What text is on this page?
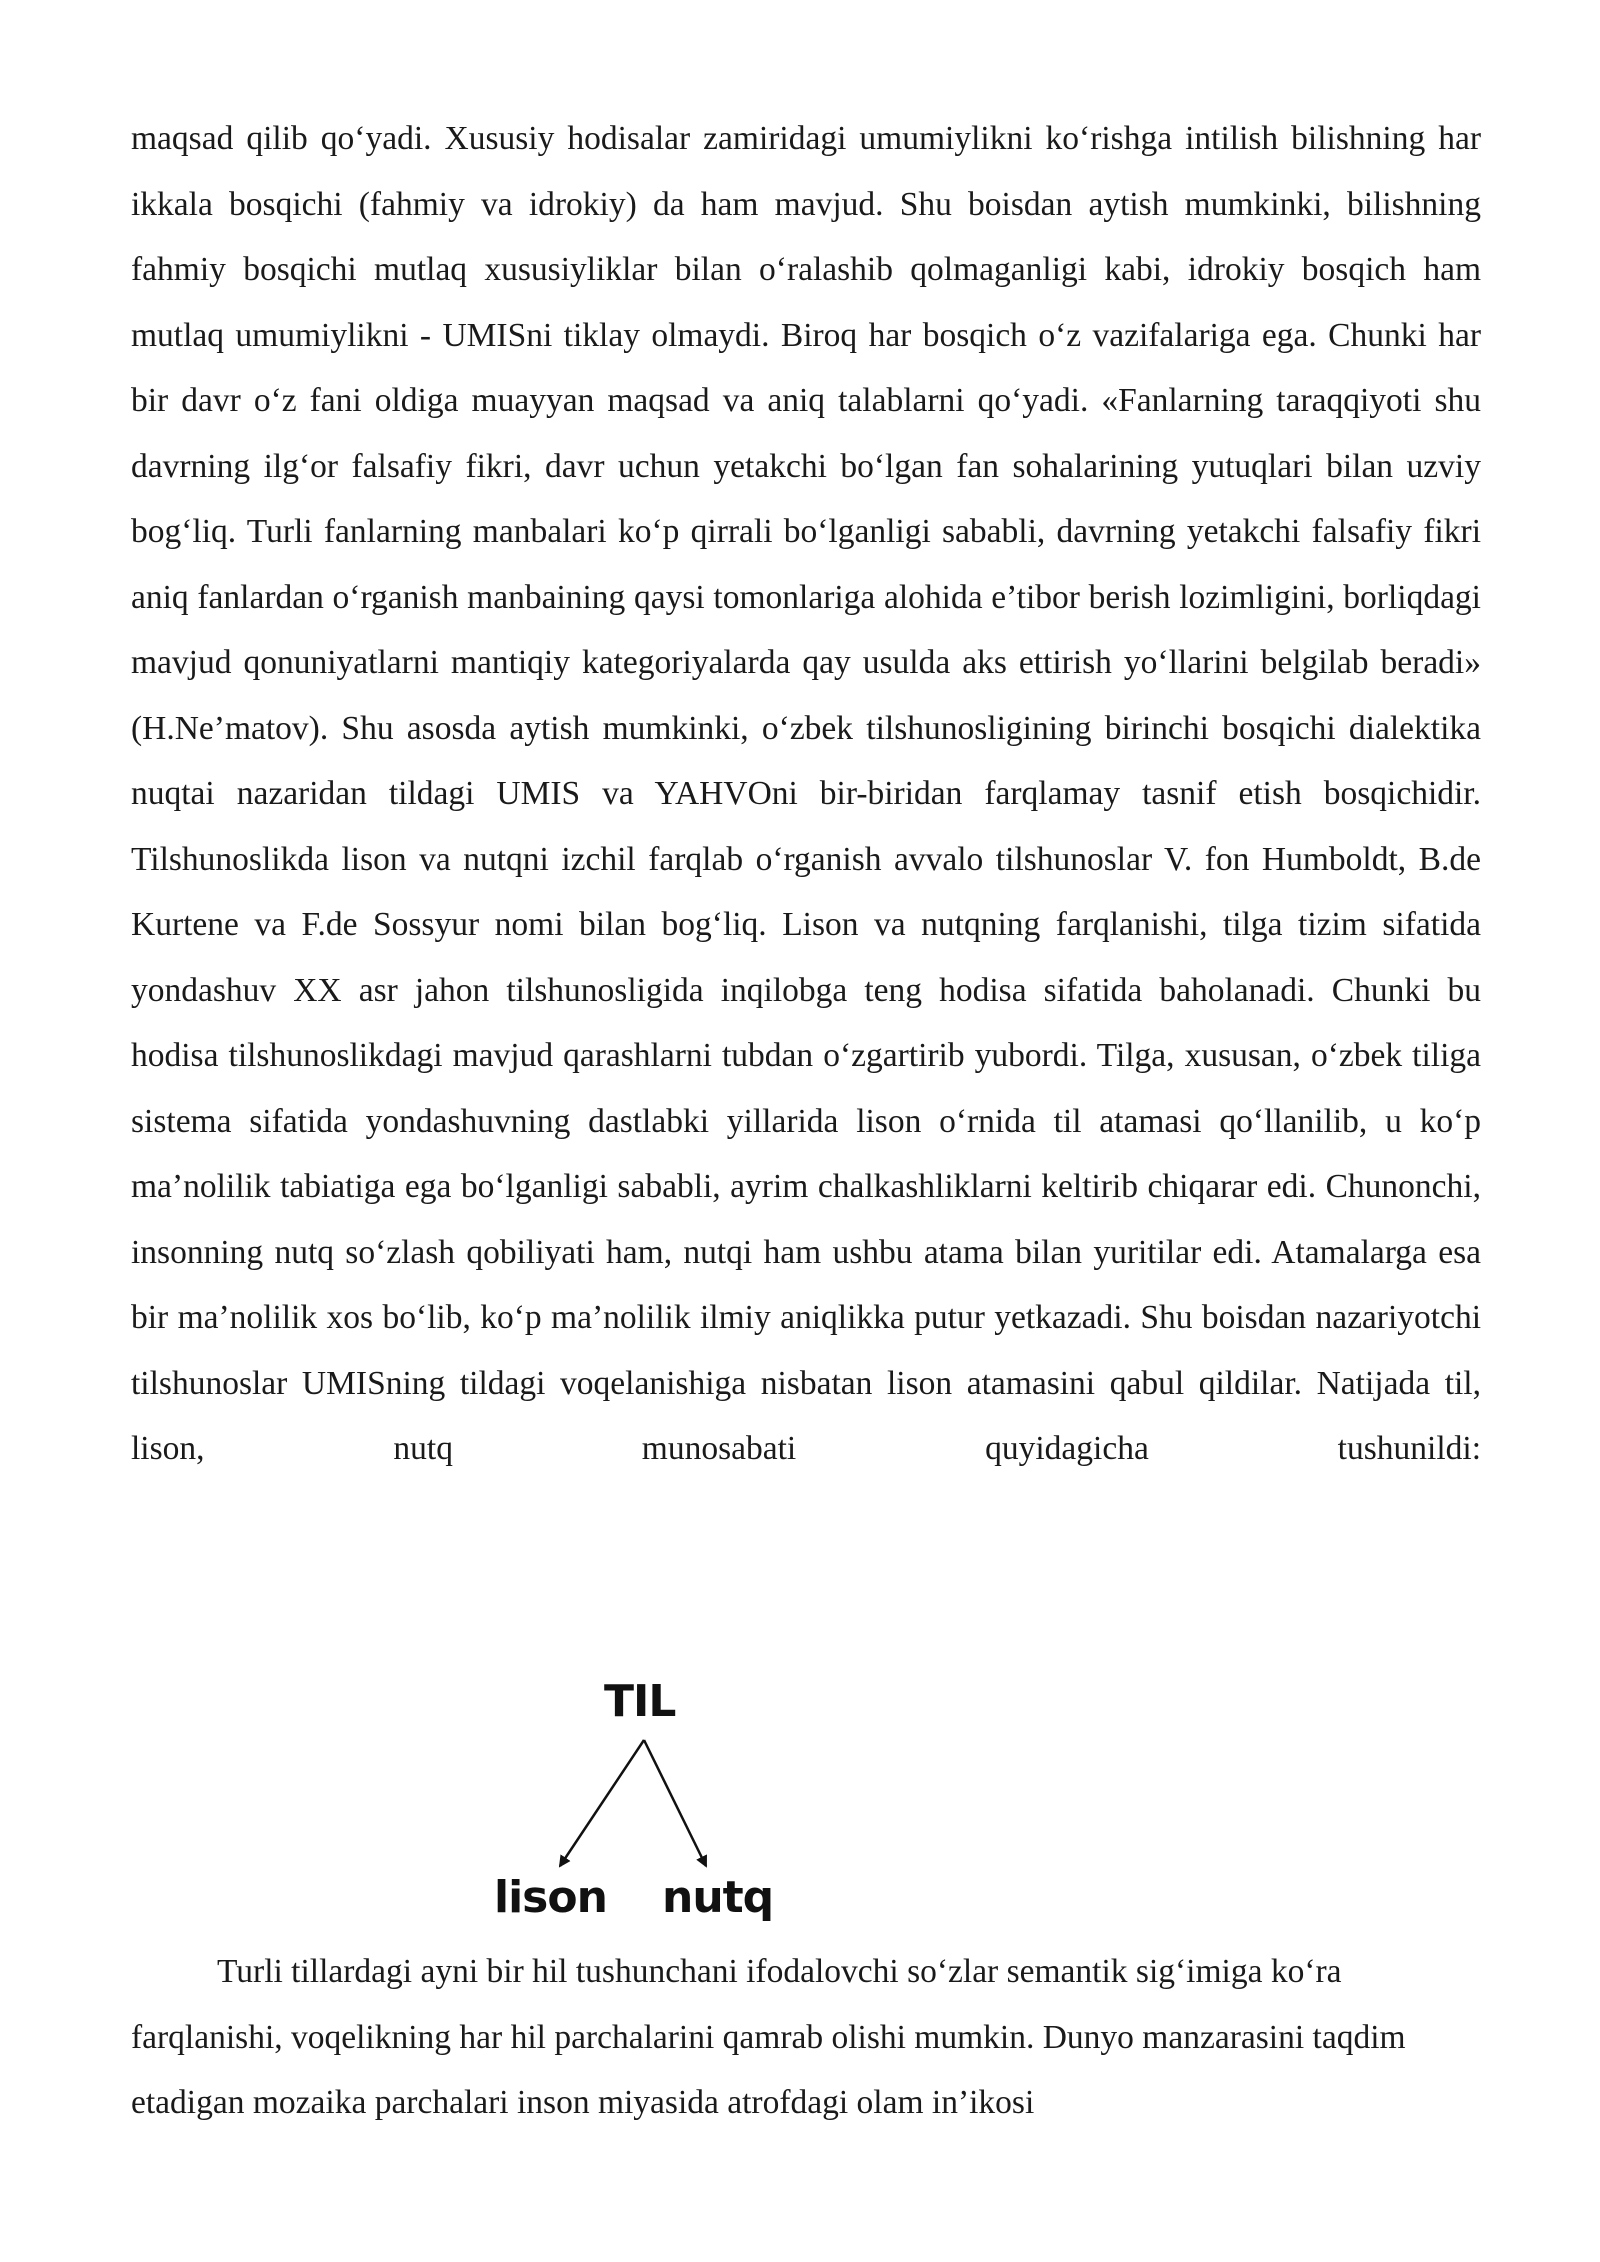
maqsad qilib qo‘yadi. Xususiy hodisalar zamiridagi umumiylikni ko‘rishga intilish bilishning har ikkala bosqichi (fahmiy va idrokiy) da ham mavjud. Shu boisdan aytish mumkinki, bilishning fahmiy bosqichi mutlaq xususiyliklar bilan o‘ralashib qolmaganligi kabi, idrokiy bosqich ham mutlaq umumiylikni - UMISni tiklay olmaydi. Biroq har bosqich o‘z vazifalariga ega. Chunki har bir davr o‘z fani oldiga muayyan maqsad va aniq talablarni qo‘yadi. «Fanlarning taraqqiyoti shu davrning ilg‘or falsafiy fikri, davr uchun yetakchi bo‘lgan fan sohalarining yutuqlari bilan uzviy bog‘liq. Turli fanlarning manbalari ko‘p qirrali bo‘lganligi sababli, davrning yetakchi falsafiy fikri aniq fanlardan o‘rganish manbaining qaysi tomonlariga alohida e’tibor berish lozimligini, borliqdagi mavjud qonuniyatlarni mantiqiy kategoriyalarda qay usulda aks ettirish yo‘llarini belgilab beradi» (H.Ne’matov). Shu asosda aytish mumkinki, o‘zbek tilshunosligining birinchi bosqichi dialektika nuqtai nazaridan tildagi UMIS va YAHVOni bir-biridan farqlamay tasnif etish bosqichidir. Tilshunoslikda lison va nutqni izchil farqlab o‘rganish avvalo tilshunoslar V. fon Humboldt, B.de Kurtene va F.de Sossyur nomi bilan bog‘liq. Lison va nutqning farqlanishi, tilga tizim sifatida yondashuv XX asr jahon tilshunosligida inqilobga teng hodisa sifatida baholanadi. Chunki bu hodisa tilshunoslikdagi mavjud qarashlarni tubdan o‘zgartirib yubordi. Tilga, xususan, o‘zbek tiliga sistema sifatida yondashuvning dastlabki yillarida lison o‘rnida til atamasi qo‘llanilib, u ko‘p ma’nolilik tabiatiga ega bo‘lganligi sababli, ayrim chalkashliklarni keltirib chiqarar edi. Chunonchi, insonning nutq so‘zlash qobiliyati ham, nutqi ham ushbu atama bilan yuritilar edi. Atamalarga esa bir ma’nolilik xos bo‘lib, ko‘p ma’nolilik ilmiy aniqlikka putur yetkazadi. Shu boisdan nazariyotchi tilshunoslar UMISning tildagi voqelanishiga nisbatan lison atamasini qabul qildilar. Natijada til, lison, nutq munosabati quyidagicha tushunildi:

TIL
lison nutq

Turli tillardagi ayni bir hil tushunchani ifodalovchi so‘zlar semantik sig‘imiga ko‘ra farqlanishi, voqelikning har hil parchalarini qamrab olishi mumkin. Dunyo manzarasini taqdim etadigan mozaika parchalari inson miyasida atrofdagi olam in’ikosi
